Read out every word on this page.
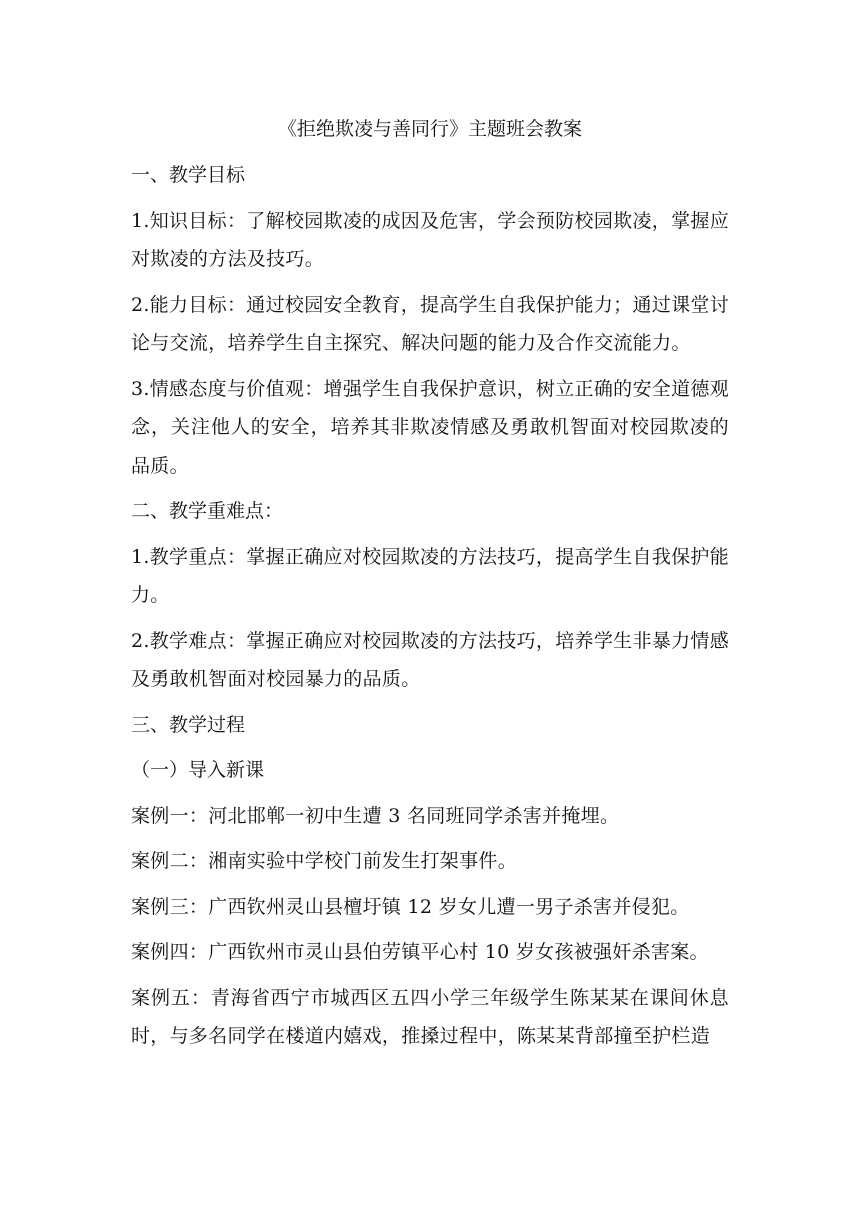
《拒绝欺凌与善同行》主题班会教案
一、教学目标
1.知识目标：了解校园欺凌的成因及危害，学会预防校园欺凌，掌握应对欺凌的方法及技巧。
2.能力目标：通过校园安全教育，提高学生自我保护能力；通过课堂讨论与交流，培养学生自主探究、解决问题的能力及合作交流能力。
3.情感态度与价值观：增强学生自我保护意识，树立正确的安全道德观念，关注他人的安全，培养其非欺凌情感及勇敢机智面对校园欺凌的品质。
二、教学重难点：
1.教学重点：掌握正确应对校园欺凌的方法技巧，提高学生自我保护能力。
2.教学难点：掌握正确应对校园欺凌的方法技巧，培养学生非暴力情感及勇敢机智面对校园暴力的品质。
三、教学过程
（一）导入新课
案例一：河北邯郸一初中生遭 3 名同班同学杀害并掩埋。
案例二：湘南实验中学校门前发生打架事件。
案例三：广西钦州灵山县檀圩镇 12 岁女儿遭一男子杀害并侵犯。
案例四：广西钦州市灵山县伯劳镇平心村 10 岁女孩被强奸杀害案。
案例五：青海省西宁市城西区五四小学三年级学生陈某某在课间休息时，与多名同学在楼道内嬉戏，推搡过程中，陈某某背部撞至护栏造
